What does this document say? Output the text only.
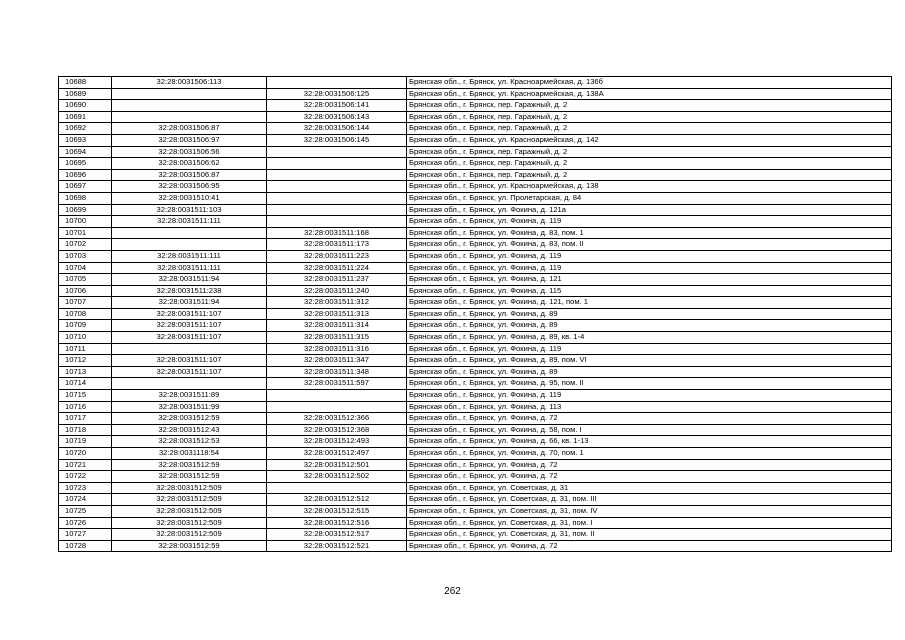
10688	32:28:0031506:113		Брянская обл., г. Брянск, ул. Красноармейская, д. 136б
10689		32:28:0031506:125	Брянская обл., г. Брянск, ул. Красноармейская, д. 138А
10690		32:28:0031506:141	Брянская обл., г. Брянск, пер. Гаражный, д. 2
10691		32:28:0031506:143	Брянская обл., г. Брянск, пер. Гаражный, д. 2
10692	32:28:0031506:87	32:28:0031506:144	Брянская обл., г. Брянск, пер. Гаражный, д. 2
10693	32:28:0031506:97	32:28:0031506:145	Брянская обл., г. Брянск, ул. Красноармейская, д. 142
10694	32:28:0031506:56		Брянская обл., г. Брянск, пер. Гаражный, д. 2
10695	32:28:0031506:62		Брянская обл., г. Брянск, пер. Гаражный, д. 2
10696	32:28:0031506:87		Брянская обл., г. Брянск, пер. Гаражный, д. 2
10697	32:28:0031506:95		Брянская обл., г. Брянск, ул. Красноармейская, д. 138
10698	32:28:0031510:41		Брянская обл., г. Брянск, ул. Пролетарская, д. 84
10699	32:28:0031511:103		Брянская обл., г. Брянск, ул. Фокина, д. 121а
10700	32:28:0031511:111		Брянская обл., г. Брянск, ул. Фокина, д. 119
10701		32:28:0031511:168	Брянская обл., г. Брянск, ул. Фокина, д. 83, пом. 1
10702		32:28:0031511:173	Брянская обл., г. Брянск, ул. Фокина, д. 83, пом. II
10703	32:28:0031511:111	32:28:0031511:223	Брянская обл., г. Брянск, ул. Фокина, д. 119
10704	32:28:0031511:111	32:28:0031511:224	Брянская обл., г. Брянск, ул. Фокина, д. 119
10705	32:28:0031511:94	32:28:0031511:237	Брянская обл., г. Брянск, ул. Фокина, д. 121
10706	32:28:0031511:238	32:28:0031511:240	Брянская обл., г. Брянск, ул. Фокина, д. 115
10707	32:28:0031511:94	32:28:0031511:312	Брянская обл., г. Брянск, ул. Фокина, д. 121, пом. 1
10708	32:28:0031511:107	32:28:0031511:313	Брянская обл., г. Брянск, ул. Фокина, д. 89
10709	32:28:0031511:107	32:28:0031511:314	Брянская обл., г. Брянск, ул. Фокина, д. 89
10710	32:28:0031511:107	32:28:0031511:315	Брянская обл., г. Брянск, ул. Фокина, д. 89, кв. 1-4
10711		32:28:0031511:316	Брянская обл., г. Брянск, ул. Фокина, д. 119
10712	32:28:0031511:107	32:28:0031511:347	Брянская обл., г. Брянск, ул. Фокина, д. 89, пом. VI
10713	32:28:0031511:107	32:28:0031511:348	Брянская обл., г. Брянск, ул. Фокина, д. 89
10714		32:28:0031511:597	Брянская обл., г. Брянск, ул. Фокина, д. 95, пом. II
10715	32:28:0031511:89		Брянская обл., г. Брянск, ул. Фокина, д. 119
10716	32:28:0031511:99		Брянская обл., г. Брянск, ул. Фокина, д. 113
10717	32:28:0031512:59	32:28:0031512:366	Брянская обл., г. Брянск, ул. Фокина, д. 72
10718	32:28:0031512:43	32:28:0031512:368	Брянская обл., г. Брянск, ул. Фокина, д. 58, пом. I
10719	32:28:0031512:53	32:28:0031512:493	Брянская обл., г. Брянск, ул. Фокина, д. 66, кв. 1-13
10720	32:28:0031118:54	32:28:0031512:497	Брянская обл., г. Брянск, ул. Фокина, д. 70, пом. 1
10721	32:28:0031512:59	32:28:0031512:501	Брянская обл., г. Брянск, ул. Фокина, д. 72
10722	32:28:0031512:59	32:28:0031512:502	Брянская обл., г. Брянск, ул. Фокина, д. 72
10723	32:28:0031512:509		Брянская обл., г. Брянск, ул. Советская, д. 31
10724	32:28:0031512:509	32:28:0031512:512	Брянская обл., г. Брянск, ул. Советская, д. 31, пом. III
10725	32:28:0031512:509	32:28:0031512:515	Брянская обл., г. Брянск, ул. Советская, д. 31, пом. IV
10726	32:28:0031512:509	32:28:0031512:516	Брянская обл., г. Брянск, ул. Советская, д. 31, пом. I
10727	32:28:0031512:509	32:28:0031512:517	Брянская обл., г. Брянск, ул. Советская, д. 31, пом. II
10728	32:28:0031512:59	32:28:0031512:521	Брянская обл., г. Брянск, ул. Фокина, д. 72
262
